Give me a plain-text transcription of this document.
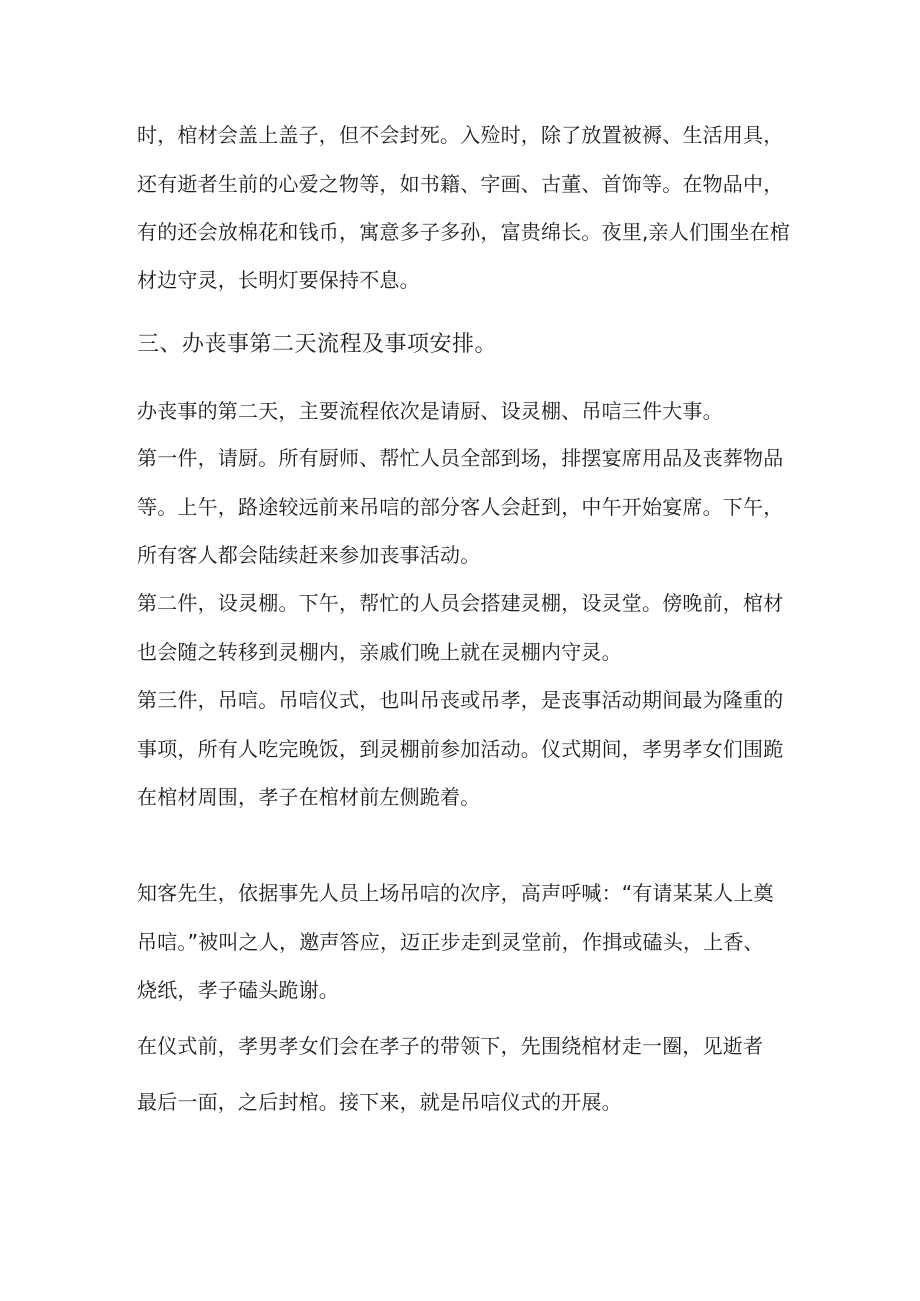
时，棺材会盖上盖子，但不会封死。入殓时，除了放置被褥、生活用具，
还有逝者生前的心爱之物等，如书籍、字画、古董、首饰等。在物品中，
有的还会放棉花和钱币，寓意多子多孙，富贵绵长。夜里,亲人们围坐在棺
材边守灵，长明灯要保持不息。
三、办丧事第二天流程及事项安排。
办丧事的第二天，主要流程依次是请厨、设灵棚、吊唁三件大事。
第一件，请厨。所有厨师、帮忙人员全部到场，排摆宴席用品及丧葬物品
等。上午，路途较远前来吊唁的部分客人会赶到，中午开始宴席。下午，
所有客人都会陆续赶来参加丧事活动。
第二件，设灵棚。下午，帮忙的人员会搭建灵棚，设灵堂。傍晚前，棺材
也会随之转移到灵棚内，亲戚们晚上就在灵棚内守灵。
第三件，吊唁。吊唁仪式，也叫吊丧或吊孝，是丧事活动期间最为隆重的
事项，所有人吃完晚饭，到灵棚前参加活动。仪式期间，孝男孝女们围跪
在棺材周围，孝子在棺材前左侧跪着。
知客先生，依据事先人员上场吊唁的次序，高声呼喊：“有请某某人上奠
吊唁。”被叫之人，邀声答应，迈正步走到灵堂前，作揖或磕头，上香、
烧纸，孝子磕头跪谢。
在仪式前，孝男孝女们会在孝子的带领下，先围绕棺材走一圈，见逝者
最后一面，之后封棺。接下来，就是吊唁仪式的开展。
